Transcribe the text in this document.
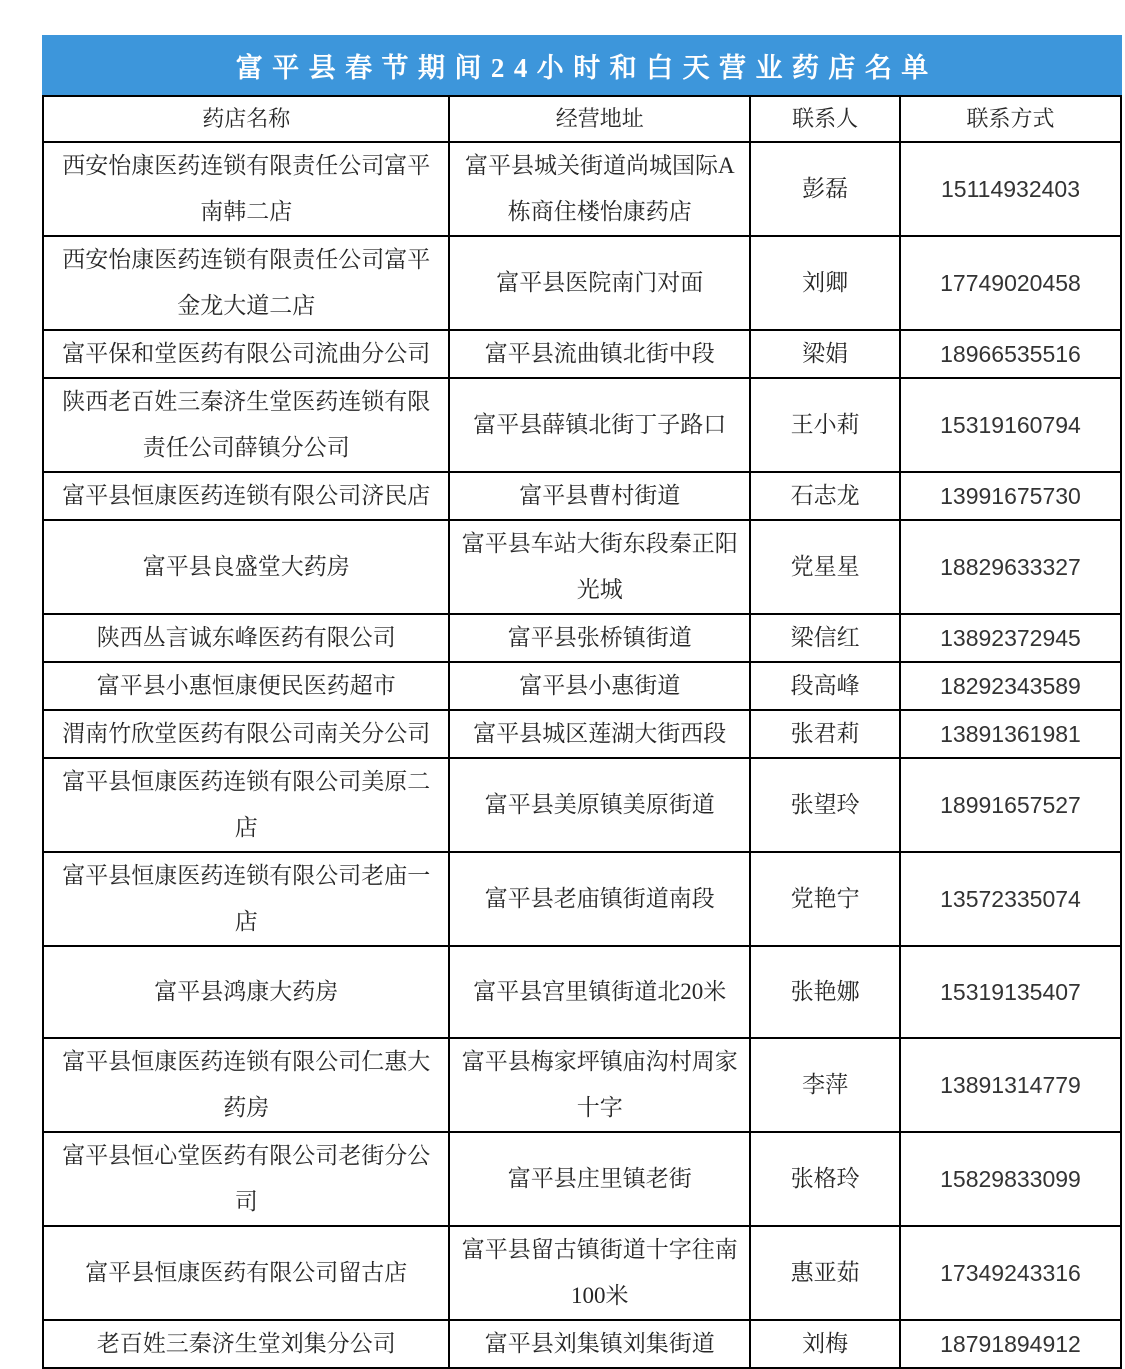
富平县春节期间24小时和白天营业药店名单
药店名称	经营地址	联系人	联系方式
西安怡康医药连锁有限责任公司富平南韩二店	富平县城关街道尚城国际A栋商住楼怡康药店	彭磊	15114932403
西安怡康医药连锁有限责任公司富平金龙大道二店	富平县医院南门对面	刘卿	17749020458
富平保和堂医药有限公司流曲分公司	富平县流曲镇北街中段	梁娟	18966535516
陕西老百姓三秦济生堂医药连锁有限责任公司薛镇分公司	富平县薛镇北街丁子路口	王小莉	15319160794
富平县恒康医药连锁有限公司济民店	富平县曹村街道	石志龙	13991675730
富平县良盛堂大药房	富平县车站大街东段秦正阳光城	党星星	18829633327
陕西丛言诚东峰医药有限公司	富平县张桥镇街道	梁信红	13892372945
富平县小惠恒康便民医药超市	富平县小惠街道	段高峰	18292343589
渭南竹欣堂医药有限公司南关分公司	富平县城区莲湖大街西段	张君莉	13891361981
富平县恒康医药连锁有限公司美原二店	富平县美原镇美原街道	张望玲	18991657527
富平县恒康医药连锁有限公司老庙一店	富平县老庙镇街道南段	党艳宁	13572335074
富平县鸿康大药房	富平县宫里镇街道北20米	张艳娜	15319135407
富平县恒康医药连锁有限公司仁惠大药房	富平县梅家坪镇庙沟村周家十字	李萍	13891314779
富平县恒心堂医药有限公司老街分公司	富平县庄里镇老街	张格玲	15829833099
富平县恒康医药有限公司留古店	富平县留古镇街道十字往南100米	惠亚茹	17349243316
老百姓三秦济生堂刘集分公司	富平县刘集镇刘集街道	刘梅	18791894912
